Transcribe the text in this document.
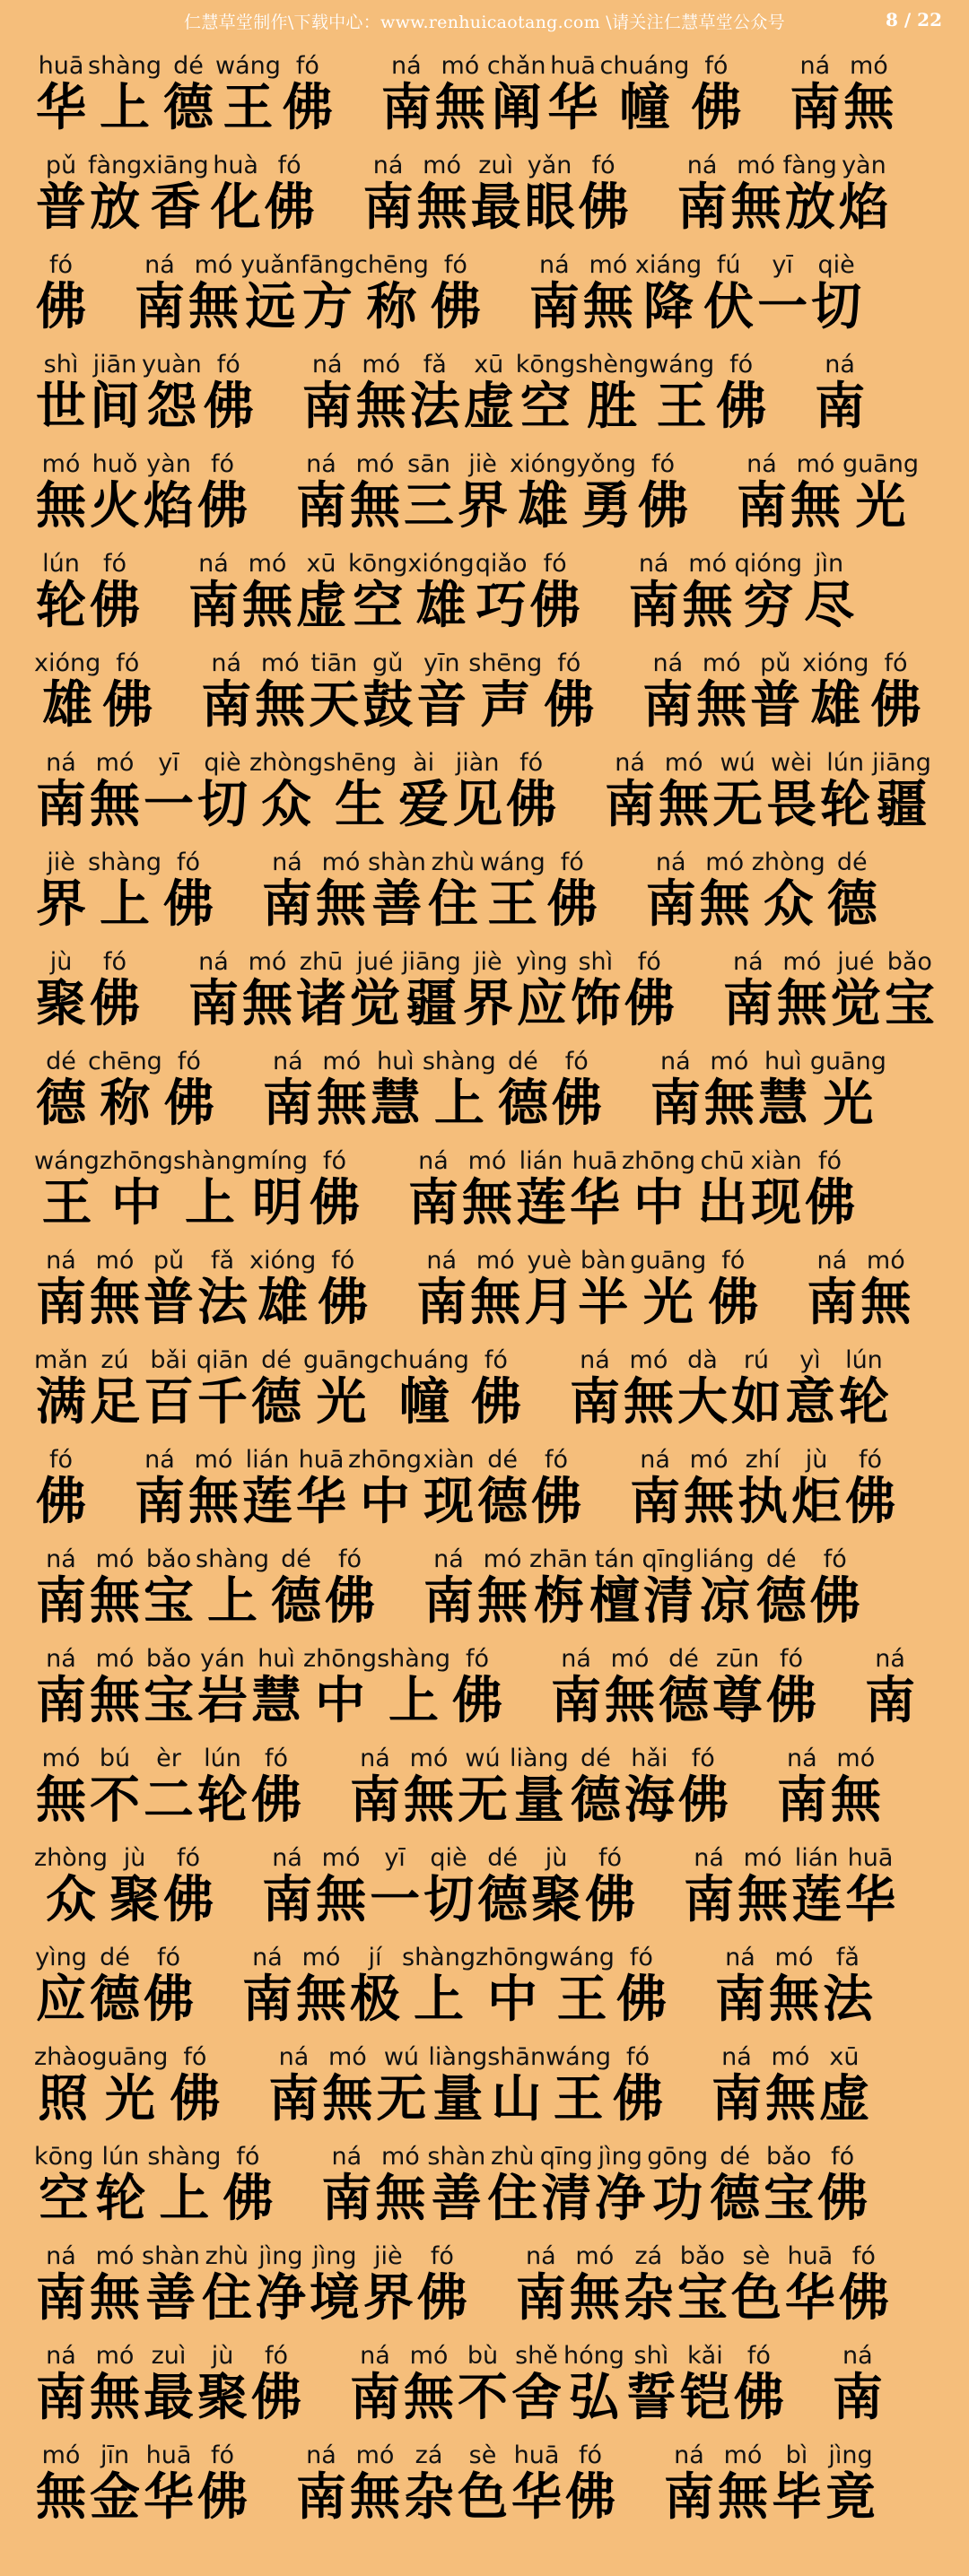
仁慧草堂制作\下载中心：www.renhuicaotang.com \请关注仁慧草堂公众号	8 / 22
huā
华
shàng
上
dé
德
wáng
王
fó
佛
ná
南
mó
無
chǎn
阐
huā
华
chuáng
幢
fó
佛
ná
南
mó
無
pǔ
普
fàng
放
xiāng
香
huà
化
fó
佛
ná
南
mó
無
zuì
最
yǎn
眼
fó
佛
ná
南
mó
無
fàng
放
yàn
焰
fó
佛
ná
南
mó
無
yuǎn
远
fāng
方
chēng
称
fó
佛
ná
南
mó
無
xiáng
降
fú
伏
yī
一
qiè
切
shì
世
jiān
间
yuàn
怨
fó
佛
ná
南
mó
無
fǎ
法
xū
虚
kōng
空
shèng
胜
wáng
王
fó
佛
ná
南
mó
無
huǒ
火
yàn
焰
fó
佛
ná
南
mó
無
sān
三
jiè
界
xióng
雄
yǒng
勇
fó
佛
ná
南
mó
無
guāng
光
lún
轮
fó
佛
ná
南
mó
無
xū
虚
kōng
空
xióng
雄
qiǎo
巧
fó
佛
ná
南
mó
無
qióng
穷
jìn
尽
xióng
雄
fó
佛
ná
南
mó
無
tiān
天
gǔ
鼓
yīn
音
shēng
声
fó
佛
ná
南
mó
無
pǔ
普
xióng
雄
fó
佛
ná
南
mó
無
yī
一
qiè
切
zhòng
众
shēng
生
ài
爱
jiàn
见
fó
佛
ná
南
mó
無
wú
无
wèi
畏
lún
轮
jiāng
疆
jiè
界
shàng
上
fó
佛
ná
南
mó
無
shàn
善
zhù
住
wáng
王
fó
佛
ná
南
mó
無
zhòng
众
dé
德
jù
聚
fó
佛
ná
南
mó
無
zhū
诸
jué
觉
jiāng
疆
jiè
界
yìng
应
shì
饰
fó
佛
ná
南
mó
無
jué
觉
bǎo
宝
dé
德
chēng
称
fó
佛
ná
南
mó
無
huì
慧
shàng
上
dé
德
fó
佛
ná
南
mó
無
huì
慧
guāng
光
wáng
王
zhōng
中
shàng
上
míng
明
fó
佛
ná
南
mó
無
lián
莲
huā
华
zhōng
中
chū
出
xiàn
现
fó
佛
ná
南
mó
無
pǔ
普
fǎ
法
xióng
雄
fó
佛
ná
南
mó
無
yuè
月
bàn
半
guāng
光
fó
佛
ná
南
mó
無
mǎn
满
zú
足
bǎi
百
qiān
千
dé
德
guāng
光
chuáng
幢
fó
佛
ná
南
mó
無
dà
大
rú
如
yì
意
lún
轮
fó
佛
ná
南
mó
無
lián
莲
huā
华
zhōng
中
xiàn
现
dé
德
fó
佛
ná
南
mó
無
zhí
执
jù
炬
fó
佛
ná
南
mó
無
bǎo
宝
shàng
上
dé
德
fó
佛
ná
南
mó
無
zhān
栴
tán
檀
qīng
清
liáng
凉
dé
德
fó
佛
ná
南
mó
無
bǎo
宝
yán
岩
huì
慧
zhōng
中
shàng
上
fó
佛
ná
南
mó
無
dé
德
zūn
尊
fó
佛
ná
南
mó
無
bú
不
èr
二
lún
轮
fó
佛
ná
南
mó
無
wú
无
liàng
量
dé
德
hǎi
海
fó
佛
ná
南
mó
無
zhòng
众
jù
聚
fó
佛
ná
南
mó
無
yī
一
qiè
切
dé
德
jù
聚
fó
佛
ná
南
mó
無
lián
莲
huā
华
yìng
应
dé
德
fó
佛
ná
南
mó
無
jí
极
shàng
上
zhōng
中
wáng
王
fó
佛
ná
南
mó
無
fǎ
法
zhào
照
guāng
光
fó
佛
ná
南
mó
無
wú
无
liàng
量
shān
山
wáng
王
fó
佛
ná
南
mó
無
xū
虚
kōng
空
lún
轮
shàng
上
fó
佛
ná
南
mó
無
shàn
善
zhù
住
qīng
清
jìng
净
gōng
功
dé
德
bǎo
宝
fó
佛
ná
南
mó
無
shàn
善
zhù
住
jìng
净
jìng
境
jiè
界
fó
佛
ná
南
mó
無
zá
杂
bǎo
宝
sè
色
huā
华
fó
佛
ná
南
mó
無
zuì
最
jù
聚
fó
佛
ná
南
mó
無
bù
不
shě
舍
hóng
弘
shì
誓
kǎi
铠
fó
佛
ná
南
mó
無
jīn
金
huā
华
fó
佛
ná
南
mó
無
zá
杂
sè
色
huā
华
fó
佛
ná
南
mó
無
bì
毕
jìng
竟
